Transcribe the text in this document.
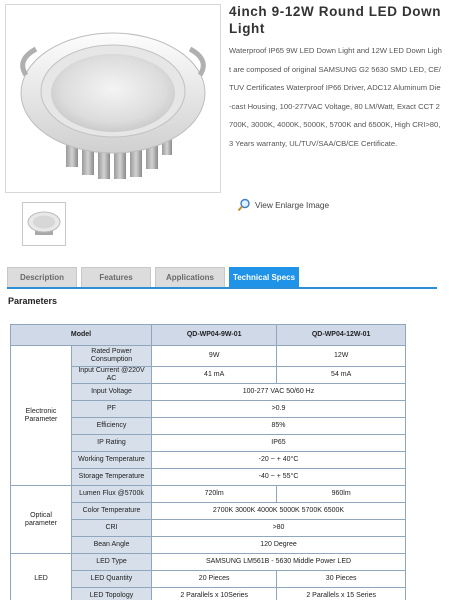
4inch 9-12W Round LED Down Light
Waterproof IP65 9W LED Down Light and 12W LED Down Light are composed of original SAMSUNG G2 5630 SMD LED, CE/TUV Certificates Waterproof IP66 Driver, ADC12 Aluminum Die-cast Housing, 100-277VAC Voltage, 80 LM/Watt, Exact CCT 2700K, 3000K, 4000K, 5000K, 5700K and 6500K, High CRI>80, 3 Years warranty, UL/TUV/SAA/CB/CE Certificate.
View Enlarge Image
Description	Features	Applications	Technical Specs
Parameters
Model		QD-WP04-9W-01	QD-WP04-12W-01
Electronic Parameter	Rated Power Consumption	9W	12W
	Input Current @220V AC	41 mA	54 mA
	Input Voltage	100-277 VAC 50/60 Hz	
	PF	>0.9	
	Efficiency	85%	
	IP Rating	IP65	
	Working Temperature	-20 ~ + 40°C	
	Storage Temperature	-40 ~ + 55°C	
Optical parameter	Lumen Flux @5700k	720lm	960lm
	Color Temperature	2700K 3000K 4000K 5000K 5700K 6500K	
	CRI	>80	
	Bean Angle	120 Degree	
LED	LED Type	SAMSUNG LM561B - 5630 Middle Power LED	
	LED Quantity	20 Pieces	30 Pieces
	LED Topology	2 Parallels x 10Series	2 Parallels x 15 Series
